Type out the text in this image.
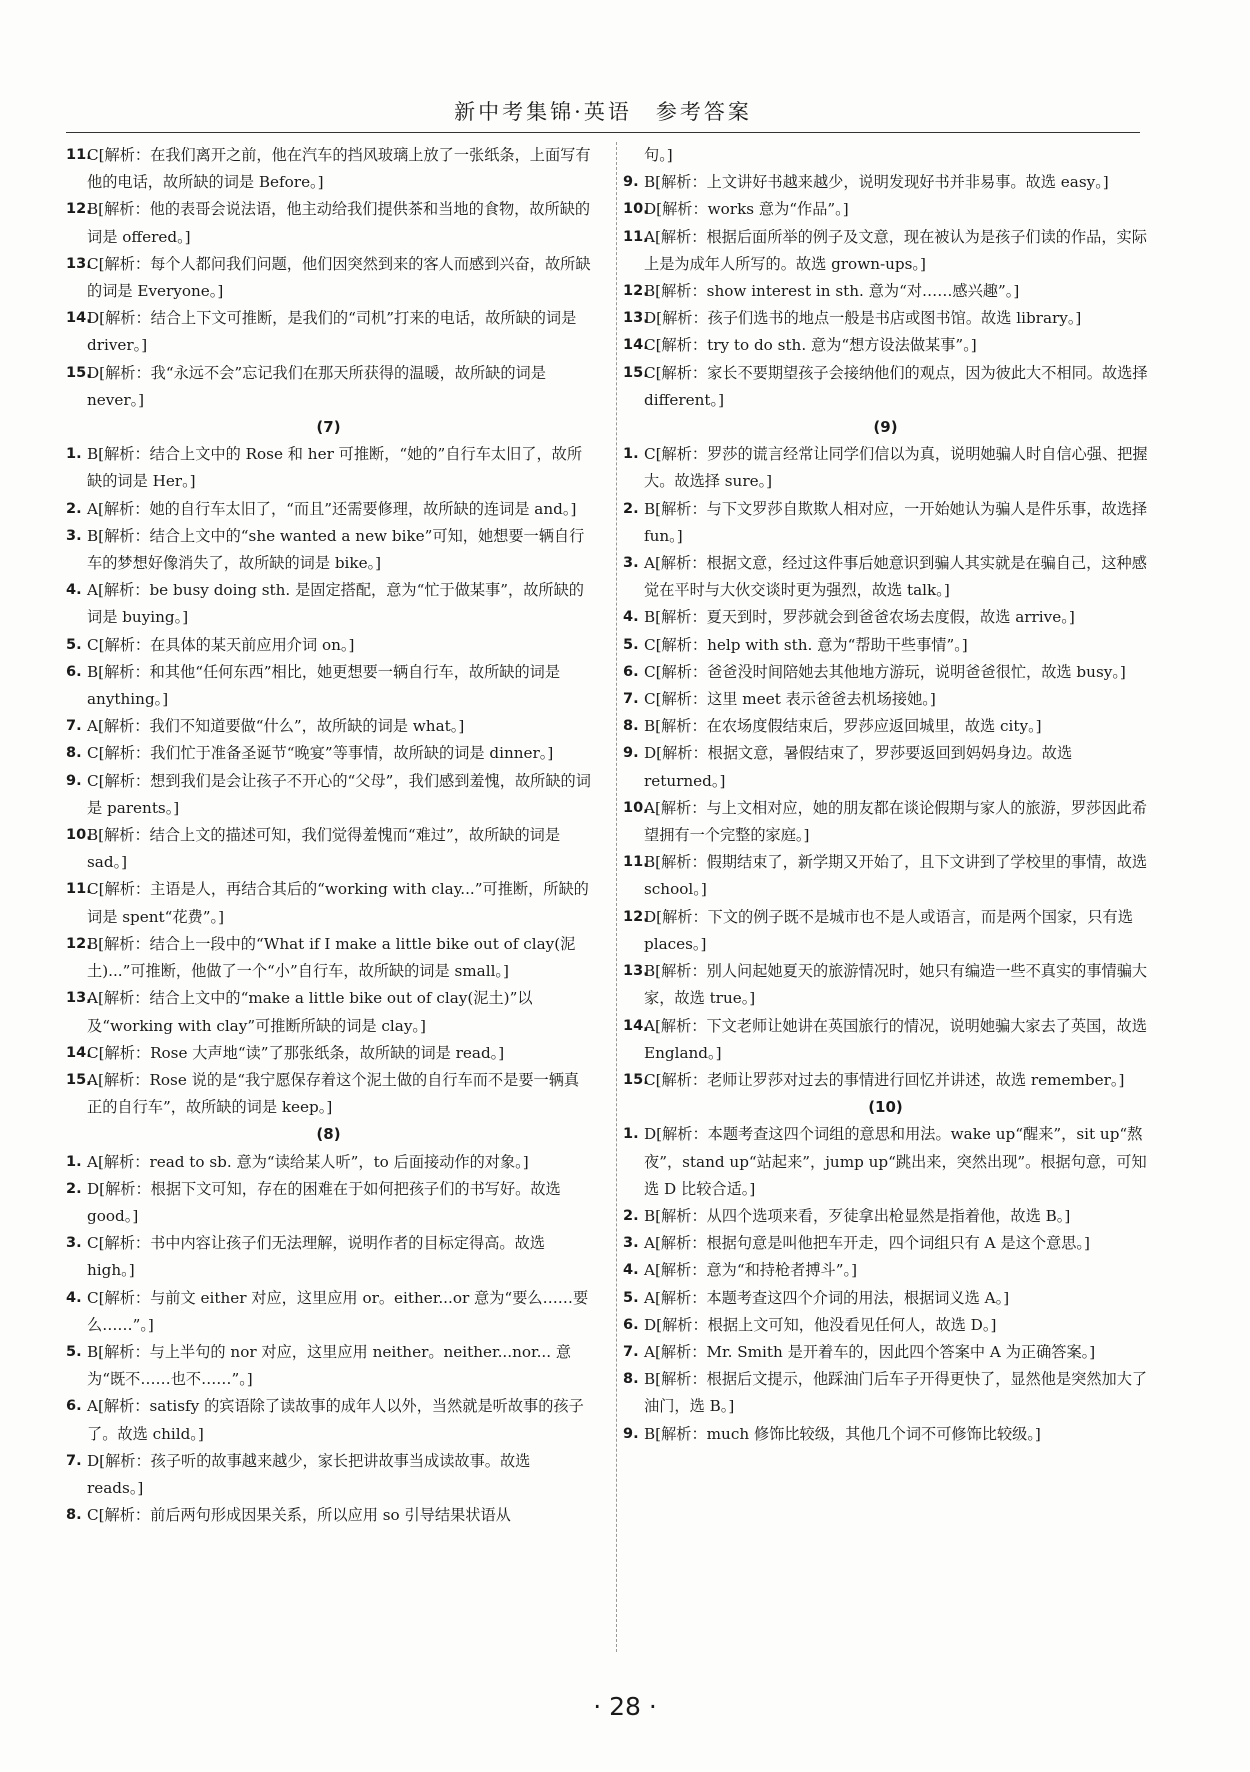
新中考集锦·英语　参考答案
11.
C[解析：在我们离开之前，他在汽车的挡风玻璃上放了一张纸条，上面写有他的电话，故所缺的词是 Before。]
12.
B[解析：他的表哥会说法语，他主动给我们提供茶和当地的食物，故所缺的词是 offered。]
13.
C[解析：每个人都问我们问题，他们因突然到来的客人而感到兴奋，故所缺的词是 Everyone。]
14.
D[解析：结合上下文可推断，是我们的“司机”打来的电话，故所缺的词是 driver。]
15.
D[解析：我“永远不会”忘记我们在那天所获得的温暖，故所缺的词是 never。]
(7)
1. B[解析：结合上文中的 Rose 和 her 可推断，“她的”自行车太旧了，故所缺的词是 Her。]
2. A[解析：她的自行车太旧了，“而且”还需要修理，故所缺的连词是 and。]
3. B[解析：结合上文中的“she wanted a new bike”可知，她想要一辆自行车的梦想好像消失了，故所缺的词是 bike。]
4. A[解析：be busy doing sth. 是固定搭配，意为“忙于做某事”，故所缺的词是 buying。]
5. C[解析：在具体的某天前应用介词 on。]
6. B[解析：和其他“任何东西”相比，她更想要一辆自行车，故所缺的词是 anything。]
7. A[解析：我们不知道要做“什么”，故所缺的词是 what。]
8. C[解析：我们忙于准备圣诞节“晚宴”等事情，故所缺的词是 dinner。]
9. C[解析：想到我们是会让孩子不开心的“父母”，我们感到羞愧，故所缺的词是 parents。]
10.
B[解析：结合上文的描述可知，我们觉得羞愧而“难过”，故所缺的词是 sad。]
11.
C[解析：主语是人，再结合其后的“working with clay...”可推断，所缺的词是 spent“花费”。]
12.
B[解析：结合上一段中的“What if I make a little bike out of clay(泥土)...”可推断，他做了一个“小”自行车，故所缺的词是 small。]
13.
A[解析：结合上文中的“make a little bike out of clay(泥土)”以及“working with clay”可推断所缺的词是 clay。]
14.
C[解析：Rose 大声地“读”了那张纸条，故所缺的词是 read。]
15.
A[解析：Rose 说的是“我宁愿保存着这个泥土做的自行车而不是要一辆真正的自行车”，故所缺的词是 keep。]
(8)
1. A[解析：read to sb. 意为“读给某人听”，to 后面接动作的对象。]
2. D[解析：根据下文可知，存在的困难在于如何把孩子们的书写好。故选 good。]
3. C[解析：书中内容让孩子们无法理解，说明作者的目标定得高。故选 high。]
4. C[解析：与前文 either 对应，这里应用 or。either...or 意为“要么……要么……”。]
5. B[解析：与上半句的 nor 对应，这里应用 neither。neither...nor... 意为“既不……也不……”。]
6. A[解析：satisfy 的宾语除了读故事的成年人以外，当然就是听故事的孩子了。故选 child。]
7. D[解析：孩子听的故事越来越少，家长把讲故事当成读故事。故选 reads。]
8. C[解析：前后两句形成因果关系，所以应用 so 引导结果状语从
句。]
9. B[解析：上文讲好书越来越少，说明发现好书并非易事。故选 easy。]
10.
D[解析：works 意为“作品”。]
11.
A[解析：根据后面所举的例子及文意，现在被认为是孩子们读的作品，实际上是为成年人所写的。故选 grown-ups。]
12.
B[解析：show interest in sth. 意为“对……感兴趣”。]
13.
D[解析：孩子们选书的地点一般是书店或图书馆。故选 library。]
14.
C[解析：try to do sth. 意为“想方设法做某事”。]
15.
C[解析：家长不要期望孩子会接纳他们的观点，因为彼此大不相同。故选择 different。]
(9)
1. C[解析：罗莎的谎言经常让同学们信以为真，说明她骗人时自信心强、把握大。故选择 sure。]
2. B[解析：与下文罗莎自欺欺人相对应，一开始她认为骗人是件乐事，故选择 fun。]
3. A[解析：根据文意，经过这件事后她意识到骗人其实就是在骗自己，这种感觉在平时与大伙交谈时更为强烈，故选 talk。]
4. B[解析：夏天到时，罗莎就会到爸爸农场去度假，故选 arrive。]
5. C[解析：help with sth. 意为“帮助干些事情”。]
6. C[解析：爸爸没时间陪她去其他地方游玩，说明爸爸很忙，故选 busy。]
7. C[解析：这里 meet 表示爸爸去机场接她。]
8. B[解析：在农场度假结束后，罗莎应返回城里，故选 city。]
9. D[解析：根据文意，暑假结束了，罗莎要返回到妈妈身边。故选 returned。]
10.
A[解析：与上文相对应，她的朋友都在谈论假期与家人的旅游，罗莎因此希望拥有一个完整的家庭。]
11.
B[解析：假期结束了，新学期又开始了，且下文讲到了学校里的事情，故选 school。]
12.
D[解析：下文的例子既不是城市也不是人或语言，而是两个国家，只有选 places。]
13.
B[解析：别人问起她夏天的旅游情况时，她只有编造一些不真实的事情骗大家，故选 true。]
14.
A[解析：下文老师让她讲在英国旅行的情况，说明她骗大家去了英国，故选 England。]
15.
C[解析：老师让罗莎对过去的事情进行回忆并讲述，故选 remember。]
(10)
1. D[解析：本题考查这四个词组的意思和用法。wake up“醒来”，sit up“熬夜”，stand up“站起来”，jump up“跳出来，突然出现”。根据句意，可知选 D 比较合适。]
2. B[解析：从四个选项来看，歹徒拿出枪显然是指着他，故选 B。]
3. A[解析：根据句意是叫他把车开走，四个词组只有 A 是这个意思。]
4. A[解析：意为“和持枪者搏斗”。]
5. A[解析：本题考查这四个介词的用法，根据词义选 A。]
6. D[解析：根据上文可知，他没看见任何人，故选 D。]
7. A[解析：Mr. Smith 是开着车的，因此四个答案中 A 为正确答案。]
8. B[解析：根据后文提示，他踩油门后车子开得更快了，显然他是突然加大了油门，选 B。]
9. B[解析：much 修饰比较级，其他几个词不可修饰比较级。]
· 28 ·
